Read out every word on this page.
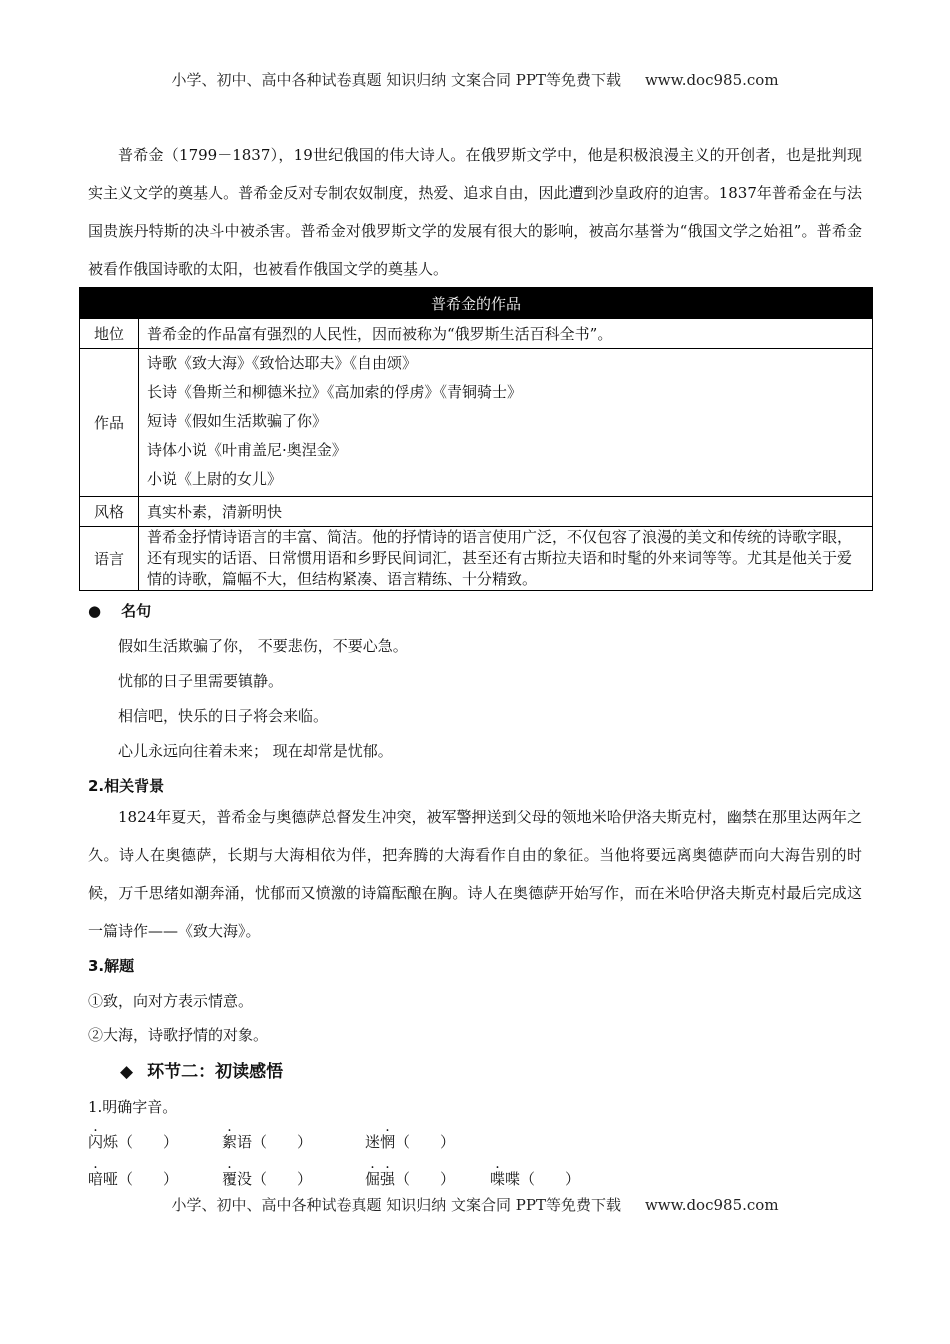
小学、初中、高中各种试卷真题 知识归纳 文案合同 PPT等免费下载 www.doc985.com
普希金（1799－1837），19世纪俄国的伟大诗人。在俄罗斯文学中，他是积极浪漫主义的开创者，也是批判现实主义文学的奠基人。普希金反对专制农奴制度，热爱、追求自由，因此遭到沙皇政府的迫害。1837年普希金在与法国贵族丹特斯的决斗中被杀害。普希金对俄罗斯文学的发展有很大的影响，被高尔基誉为“俄国文学之始祖”。普希金被看作俄国诗歌的太阳，也被看作俄国文学的奠基人。
普希金的作品	
地位	普希金的作品富有强烈的人民性，因而被称为“俄罗斯生活百科全书”。
作品	诗歌《致大海》《致恰达耶夫》《自由颂》
长诗《鲁斯兰和柳德米拉》《高加索的俘虏》《青铜骑士》
短诗《假如生活欺骗了你》
诗体小说《叶甫盖尼·奥涅金》
小说《上尉的女儿》

风格	真实朴素，清新明快
语言	普希金抒情诗语言的丰富、简洁。他的抒情诗的语言使用广泛，不仅包容了浪漫的美文和传统的诗歌字眼，还有现实的话语、日常惯用语和乡野民间词汇，甚至还有古斯拉夫语和时髦的外来词等等。尤其是他关于爱情的诗歌，篇幅不大，但结构紧凑、语言精练、十分精致。
● 名句
假如生活欺骗了你， 不要悲伤，不要心急。
忧郁的日子里需要镇静。
相信吧，快乐的日子将会来临。
心儿永远向往着未来； 现在却常是忧郁。
2.相关背景
1824年夏天，普希金与奥德萨总督发生冲突，被军警押送到父母的领地米哈伊洛夫斯克村，幽禁在那里达两年之久。诗人在奥德萨，长期与大海相依为伴，把奔腾的大海看作自由的象征。当他将要远离奥德萨而向大海告别的时候，万千思绪如潮奔涌，忧郁而又愤激的诗篇酝酿在胸。诗人在奥德萨开始写作，而在米哈伊洛夫斯克村最后完成这一篇诗作——《致大海》。
3.解题
①致，向对方表示情意。
②大海，诗歌抒情的对象。
◆ 环节二：初读感悟
1.明确字音。
闪烁（　　）	絮语（　　）	迷惘（　　）
喑哑（　　）	覆没（　　）	倔强（　　） 喋喋（　　）
小学、初中、高中各种试卷真题 知识归纳 文案合同 PPT等免费下载 www.doc985.com
